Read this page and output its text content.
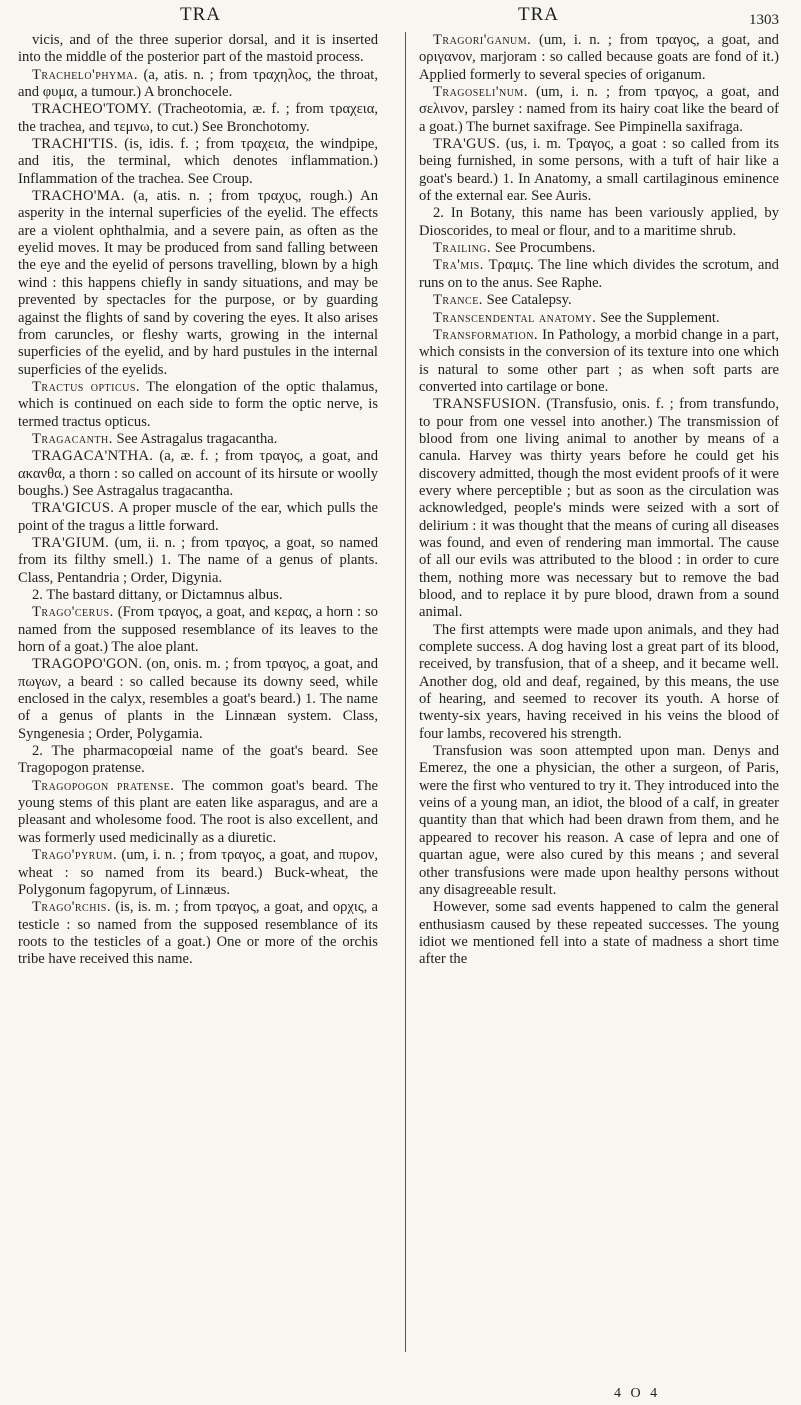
TRA	TRA	1303

vicis, and of the three superior dorsal, and it is inserted into the middle of the posterior part of the mastoid process.

Trachelo'phyma. (a, atis. n. ; from τραχηλος, the throat, and φυμα, a tumour.) A bronchocele.

TRACHEO'TOMY. (Tracheotomia, æ. f. ; from τραχεια, the trachea, and τεμνω, to cut.) See Bronchotomy.

TRACHI'TIS. (is, idis. f. ; from τραχεια, the windpipe, and itis, the terminal, which denotes inflammation.) Inflammation of the trachea. See Croup.

TRACHO'MA. (a, atis. n. ; from τραχυς, rough.) An asperity in the internal superficies of the eyelid. The effects are a violent ophthalmia, and a severe pain, as often as the eyelid moves. It may be produced from sand falling between the eye and the eyelid of persons travelling, blown by a high wind : this happens chiefly in sandy situations, and may be prevented by spectacles for the purpose, or by guarding against the flights of sand by covering the eyes. It also arises from caruncles, or fleshy warts, growing in the internal superficies of the eyelid, and by hard pustules in the internal superficies of the eyelids.

Tractus opticus. The elongation of the optic thalamus, which is continued on each side to form the optic nerve, is termed tractus opticus.

Tragacanth. See Astragalus tragacantha.

TRAGACA'NTHA. (a, æ. f. ; from τραγος, a goat, and ακανθα, a thorn : so called on account of its hirsute or woolly boughs.) See Astragalus tragacantha.

TRA'GICUS. A proper muscle of the ear, which pulls the point of the tragus a little forward.

TRA'GIUM. (um, ii. n. ; from τραγος, a goat, so named from its filthy smell.) 1. The name of a genus of plants. Class, Pentandria ; Order, Digynia.

2. The bastard dittany, or Dictamnus albus.

Trago'cerus. (From τραγος, a goat, and κερας, a horn : so named from the supposed resemblance of its leaves to the horn of a goat.) The aloe plant.

TRAGOPO'GON. (on, onis. m. ; from τραγος, a goat, and πωγων, a beard : so called because its downy seed, while enclosed in the calyx, resembles a goat's beard.) 1. The name of a genus of plants in the Linnæan system. Class, Syngenesia ; Order, Polygamia.

2. The pharmacopœial name of the goat's beard. See Tragopogon pratense.

Tragopogon pratense. The common goat's beard. The young stems of this plant are eaten like asparagus, and are a pleasant and wholesome food. The root is also excellent, and was formerly used medicinally as a diuretic.

Trago'pyrum. (um, i. n. ; from τραγος, a goat, and πυρον, wheat : so named from its beard.) Buck-wheat, the Polygonum fagopyrum, of Linnæus.

Trago'rchis. (is, is. m. ; from τραγος, a goat, and ορχις, a testicle : so named from the supposed resemblance of its roots to the testicles of a goat.) One or more of the orchis tribe have received this name.

Tragori'ganum. (um, i. n. ; from τραγος, a goat, and οριγανον, marjoram : so called because goats are fond of it.) Applied formerly to several species of origanum.

Tragoseli'num. (um, i. n. ; from τραγος, a goat, and σελινον, parsley : named from its hairy coat like the beard of a goat.) The burnet saxifrage. See Pimpinella saxifraga.

TRA'GUS. (us, i. m. Τραγος, a goat : so called from its being furnished, in some persons, with a tuft of hair like a goat's beard.) 1. In Anatomy, a small cartilaginous eminence of the external ear. See Auris.

2. In Botany, this name has been variously applied, by Dioscorides, to meal or flour, and to a maritime shrub.

Trailing. See Procumbens.

Tra'mis. Τραμις. The line which divides the scrotum, and runs on to the anus. See Raphe.

Trance. See Catalepsy.

Transcendental anatomy. See the Supplement.

Transformation. In Pathology, a morbid change in a part, which consists in the conversion of its texture into one which is natural to some other part ; as when soft parts are converted into cartilage or bone.

TRANSFUSION. (Transfusio, onis. f. ; from transfundo, to pour from one vessel into another.) The transmission of blood from one living animal to another by means of a canula. Harvey was thirty years before he could get his discovery admitted, though the most evident proofs of it were every where perceptible ; but as soon as the circulation was acknowledged, people's minds were seized with a sort of delirium : it was thought that the means of curing all diseases was found, and even of rendering man immortal. The cause of all our evils was attributed to the blood : in order to cure them, nothing more was necessary but to remove the bad blood, and to replace it by pure blood, drawn from a sound animal.

The first attempts were made upon animals, and they had complete success. A dog having lost a great part of its blood, received, by transfusion, that of a sheep, and it became well. Another dog, old and deaf, regained, by this means, the use of hearing, and seemed to recover its youth. A horse of twenty-six years, having received in his veins the blood of four lambs, recovered his strength.

Transfusion was soon attempted upon man. Denys and Emerez, the one a physician, the other a surgeon, of Paris, were the first who ventured to try it. They introduced into the veins of a young man, an idiot, the blood of a calf, in greater quantity than that which had been drawn from them, and he appeared to recover his reason. A case of lepra and one of quartan ague, were also cured by this means ; and several other transfusions were made upon healthy persons without any disagreeable result.

However, some sad events happened to calm the general enthusiasm caused by these repeated successes. The young idiot we mentioned fell into a state of madness a short time after the

4 O 4
